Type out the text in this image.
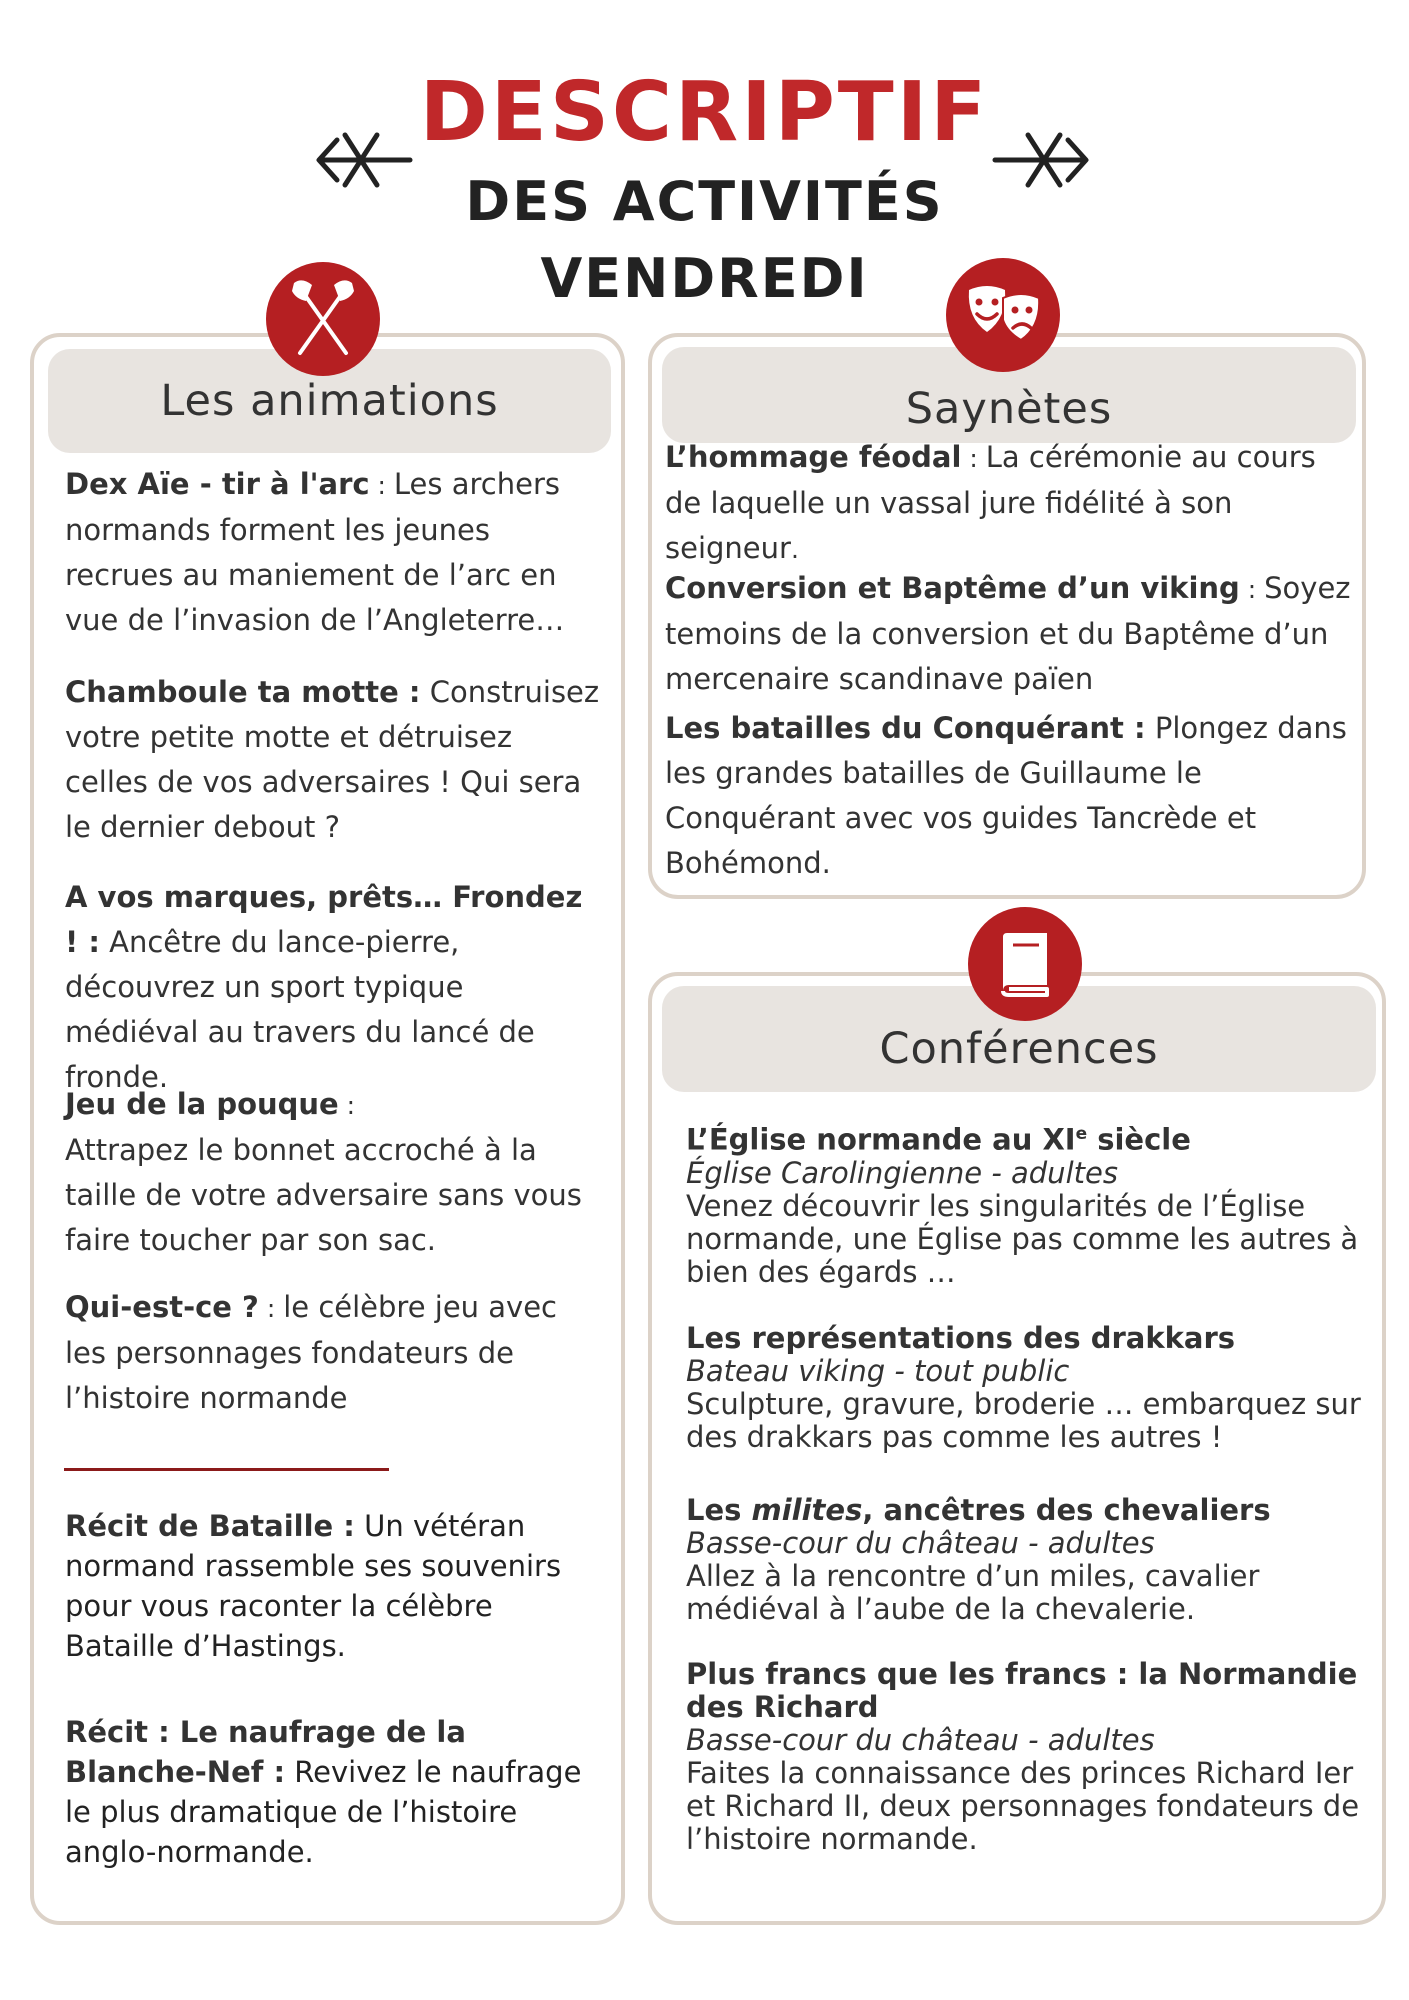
DESCRIPTIF
DES ACTIVITÉS
VENDREDI
Les animations
Dex Aïe - tir à l'arc : Les archers normands forment les jeunes recrues au maniement de l’arc en vue de l’invasion de l’Angleterre…
Chamboule ta motte : Construisez votre petite motte et détruisez celles de vos adversaires ! Qui sera le dernier debout ?
A vos marques, prêts… Frondez ! : Ancêtre du lance-pierre, découvrez un sport typique médiéval au travers du lancé de fronde.
Jeu de la pouque :
Attrapez le bonnet accroché à la taille de votre adversaire sans vous faire toucher par son sac.
Qui-est-ce ? : le célèbre jeu avec les personnages fondateurs de l’histoire normande
Récit de Bataille : Un vétéran normand rassemble ses souvenirs pour vous raconter la célèbre Bataille d’Hastings.
Récit : Le naufrage de la Blanche-Nef : Revivez le naufrage le plus dramatique de l’histoire anglo-normande.
Saynètes
L’hommage féodal : La cérémonie au cours de laquelle un vassal jure fidélité à son seigneur.
Conversion et Baptême d’un viking : Soyez temoins de la conversion et du Baptême d’un mercenaire scandinave païen
Les batailles du Conquérant : Plongez dans les grandes batailles de Guillaume le Conquérant avec vos guides Tancrède et Bohémond.
Conférences
L’Église normande au XIe siècle
Église Carolingienne - adultes
Venez découvrir les singularités de l’Église normande, une Église pas comme les autres à bien des égards …
Les représentations des drakkars
Bateau viking - tout public
Sculpture, gravure, broderie … embarquez sur des drakkars pas comme les autres !
Les milites, ancêtres des chevaliers
Basse-cour du château - adultes
Allez à la rencontre d’un miles, cavalier médiéval à l’aube de la chevalerie.
Plus francs que les francs : la Normandie des Richard
Basse-cour du château - adultes
Faites la connaissance des princes Richard Ier et Richard II, deux personnages fondateurs de l’histoire normande.
